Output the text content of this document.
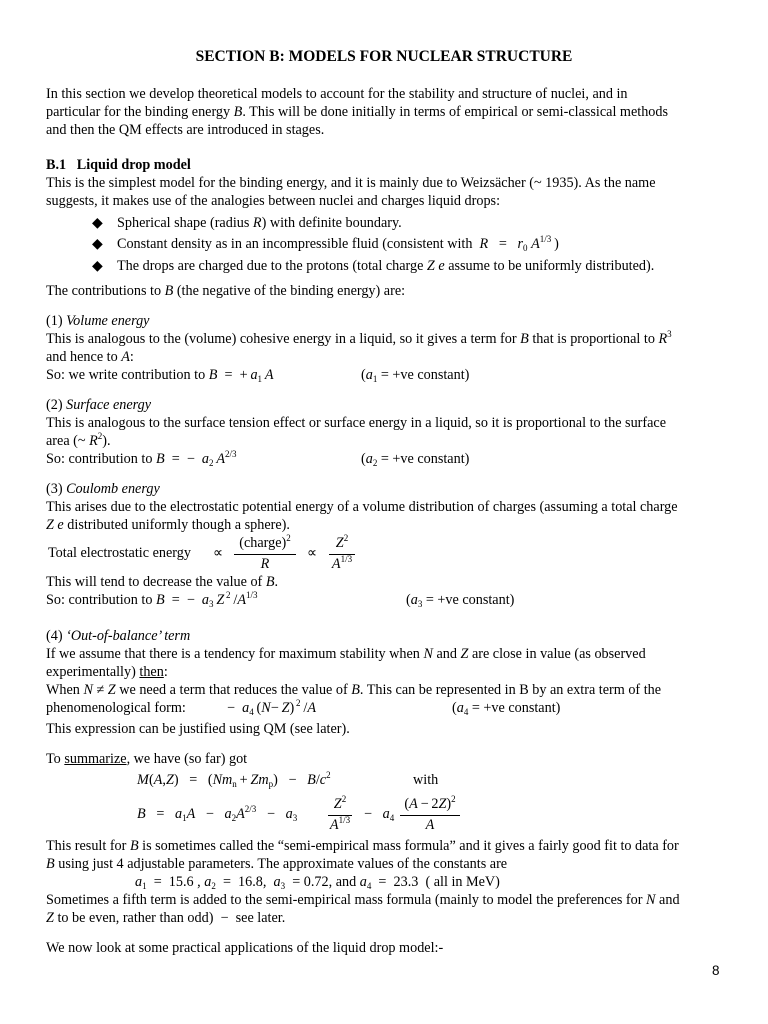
SECTION B: MODELS FOR NUCLEAR STRUCTURE
In this section we develop theoretical models to account for the stability and structure of nuclei, and in
particular for the binding energy B. This will be done initially in terms of empirical or semi-classical methods
and then the QM effects are introduced in stages.
B.1 Liquid drop model
This is the simplest model for the binding energy, and it is mainly due to Weizsächer (~ 1935). As the name
suggests, it makes use of the analogies between nuclei and charges liquid drops:
◆ Spherical shape (radius R) with definite boundary.
◆ Constant density as in an incompressible fluid (consistent with $R = r_0$ $A^{1/3}$ )
◆ The drops are charged due to the protons (total charge Z e assume to be uniformly distributed).
The contributions to B (the negative of the binding energy) are:
(1) Volume energy
This is analogous to the (volume) cohesive energy in a liquid, so it gives a term for B that is proportional to $R^3$
and hence to A:
So: we write contribution to B  =  + $a_1$  A	($a_1 = +ve$ constant)
(2) Surface energy
This is analogous to the surface tension effect or surface energy in a liquid, so it is proportional to the surface
area (~ $R^2$).
So: contribution to B  =  −  $a_2$  $A^{2/3}$	($a_2 = +ve$ constant)
(3) Coulomb energy
This arises due to the electrostatic potential energy of a volume distribution of charges (assuming a total charge
Z e distributed uniformly though a sphere).
Total electrostatic energy ∝
(charge)$^2$
R
∝ $\frac{Z^2}{A^{1/3}}$
This will tend to decrease the value of B.
So: contribution to B  =  −  $a_3$  Z $^2$ $/A^{1/3}$	($a_3 = +ve$ constant)
(4) ‘Out-of-balance’ term
If we assume that there is a tendency for maximum stability when N and Z are close in value (as observed
experimentally) then:
When N ≠ Z we need a term that reduces the value of B. This can be represented in B by an extra term of the
phenomenological form:	−  $a_4$ (N− Z) $^2$ /A	($a_4 = +ve$ constant)
This expression can be justified using QM (see later).
To summarize, we have (so far) got
M $(A,Z) = (Nm_n + Zm_p) - B/c^2$	with
$B = a_1A - a_2A^{2/3} - a_3 \frac{Z^2}{A^{1/3}} - a_4 \frac{(A - 2Z)^2}{A}$
This result for B is sometimes called the “semi-empirical mass formula” and it gives a fairly good fit to data for
B using just 4 adjustable parameters. The approximate values of the constants are
$a_1 = 15.6$ , $a_2 = 16.8$,  $a_3 = 0.72$, and $a_4 = 23.3$  ( all in MeV)
Sometimes a fifth term is added to the semi-empirical mass formula (mainly to model the preferences for N and
Z to be even, rather than odd)  −  see later.
We now look at some practical applications of the liquid drop model:-
8
